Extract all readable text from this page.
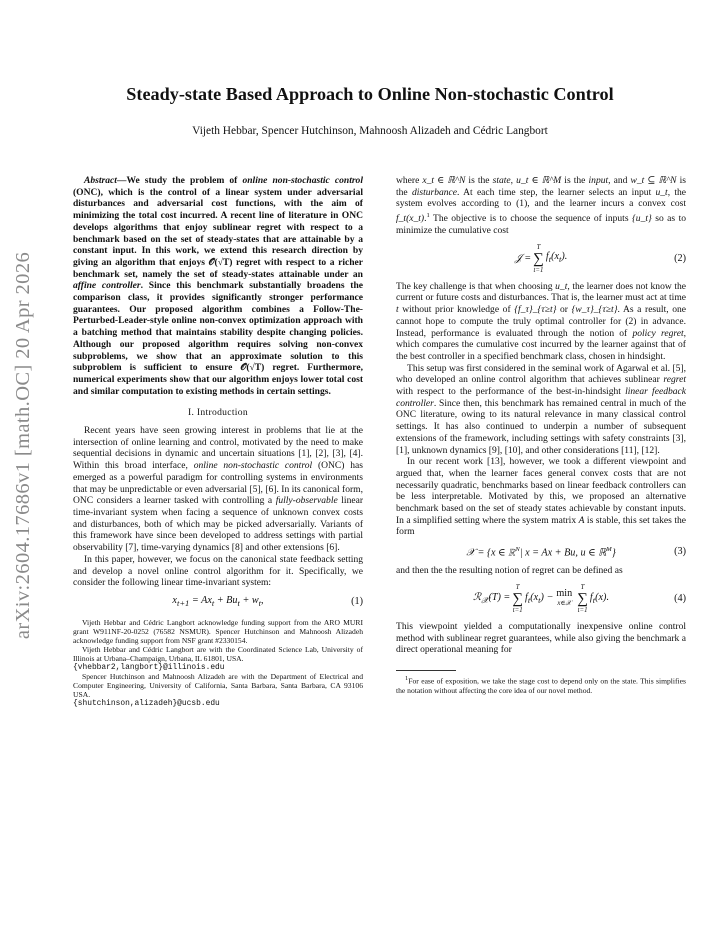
arXiv:2604.17686v1 [math.OC] 20 Apr 2026
Steady-state Based Approach to Online Non-stochastic Control

Vijeth Hebbar, Spencer Hutchinson, Mahnoosh Alizadeh and Cédric Langbort

Abstract—We study the problem of online non-stochastic control (ONC), which is the control of a linear system under adversarial disturbances and adversarial cost functions, with the aim of minimizing the total cost incurred. A recent line of literature in ONC develops algorithms that enjoy sublinear regret with respect to a benchmark based on the set of steady-states that are attainable by a constant input. In this work, we extend this research direction by giving an algorithm that enjoys 𝒪(√T) regret with respect to a richer benchmark set, namely the set of steady-states attainable under an affine controller. Since this benchmark substantially broadens the comparison class, it provides significantly stronger performance guarantees. Our proposed algorithm combines a Follow-The-Perturbed-Leader-style online non-convex optimization approach with a batching method that maintains stability despite changing policies. Although our proposed algorithm requires solving non-convex subproblems, we show that an approximate solution to this subproblem is sufficient to ensure 𝒪(√T) regret. Furthermore, numerical experiments show that our algorithm enjoys lower total cost and similar computation to existing methods in certain settings.

I. Introduction

Recent years have seen growing interest in problems that lie at the intersection of online learning and control, motivated by the need to make sequential decisions in dynamic and uncertain situations [1], [2], [3], [4]. Within this broad interface, online non-stochastic control (ONC) has emerged as a powerful paradigm for controlling systems in environments that may be unpredictable or even adversarial [5], [6]. In its canonical form, ONC considers a learner tasked with controlling a fully-observable linear time-invariant system when facing a sequence of unknown convex costs and disturbances, both of which may be picked adversarially. Variants of this framework have since been developed to address settings with partial observability [7], time-varying dynamics [8] and other extensions [6].

In this paper, however, we focus on the canonical state feedback setting and develop a novel online control algorithm for it. Specifically, we consider the following linear time-invariant system:

$x_{t+1} = Ax_t + Bu_t + w_t$,	(1)

Vijeth Hebbar and Cédric Langbort acknowledge funding support from the ARO MURI grant W911NF-20-0252 (76582 NSMUR). Spencer Hutchinson and Mahnoosh Alizadeh acknowledge funding support from NSF grant #2330154.

Vijeth Hebbar and Cédric Langbort are with the Coordinated Science Lab, University of Illinois at Urbana–Champaign, Urbana, IL 61801, USA.

{vhebbar2,langbort}@illinois.edu

Spencer Hutchinson and Mahnoosh Alizadeh are with the Department of Electrical and Computer Engineering, University of California, Santa Barbara, Santa Barbara, CA 93106 USA.

{shutchinson,alizadeh}@ucsb.edu

where x_t ∈ ℝ^N is the state, u_t ∈ ℝ^M is the input, and w_t ⊆ ℝ^N is the disturbance. At each time step, the learner selects an input u_t, the system evolves according to (1), and the learner incurs a convex cost f_t(x_t).$^1$ The objective is to choose the sequence of inputs {u_t} so as to minimize the cumulative cost

𝒥 =
T
∑
t=1
$f_t(x_t)$.	(2)

The key challenge is that when choosing u_t, the learner does not know the current or future costs and disturbances. That is, the learner must act at time t without prior knowledge of {f_τ}_{τ≥t} or {w_τ}_{τ≥t}. As a result, one cannot hope to compute the truly optimal controller for (2) in advance. Instead, performance is evaluated through the notion of policy regret, which compares the cumulative cost incurred by the learner against that of the best controller in a specified benchmark class, chosen in hindsight.

This setup was first considered in the seminal work of Agarwal et al. [5], who developed an online control algorithm that achieves sublinear regret with respect to the performance of the best-in-hindsight linear feedback controller. Since then, this benchmark has remained central in much of the ONC literature, owing to its natural relevance in many classical control settings. It has also continued to underpin a number of subsequent extensions of the framework, including settings with safety constraints [3], [1], unknown dynamics [9], [10], and other considerations [11], [12].

In our recent work [13], however, we took a different viewpoint and argued that, when the learner faces general convex costs that are not necessarily quadratic, benchmarks based on linear feedback controllers can be less interpretable. Motivated by this, we proposed an alternative benchmark based on the set of steady states achievable by constant inputs. In a simplified setting where the system matrix A is stable, this set takes the form

𝒳 = {x ∈ ℝ$^N$| x = Ax + Bu, u ∈ ℝ$^M$}	(3)

and then the the resulting notion of regret can be defined as

ℛ$_𝒳$(T) =
T
∑
t=1
$f_t(x_t) - \min$
x∈𝒳
T
∑
t=1
$f_t(x)$.	(4)

This viewpoint yielded a computationally inexpensive online control method with sublinear regret guarantees, while also giving the benchmark a direct operational meaning for

$^1$For ease of exposition, we take the stage cost to depend only on the state. This simplifies the notation without affecting the core idea of our novel method.
